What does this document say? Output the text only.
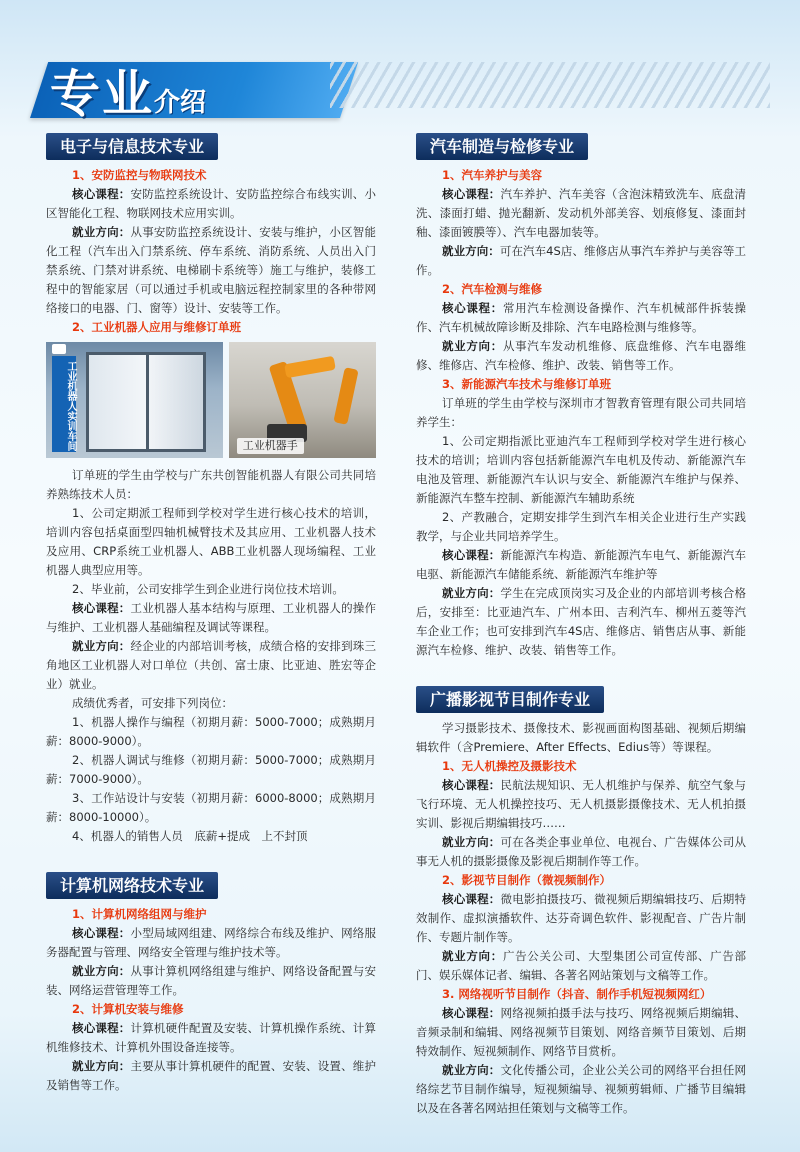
专业介绍
电子与信息技术专业
1、安防监控与物联网技术
核心课程：安防监控系统设计、安防监控综合布线实训、小区智能化工程、物联网技术应用实训。
就业方向：从事安防监控系统设计、安装与维护，小区智能化工程（汽车出入门禁系统、停车系统、消防系统、人员出入门禁系统、门禁对讲系统、电梯刷卡系统等）施工与维护，装修工程中的智能家居（可以通过手机或电脑远程控制家里的各种带网络接口的电器、门、窗等）设计、安装等工作。
2、工业机器人应用与维修订单班
工业机器人实训车间	工业机器手
订单班的学生由学校与广东共创智能机器人有限公司共同培养熟练技术人员：
1、公司定期派工程师到学校对学生进行核心技术的培训，培训内容包括桌面型四轴机械臂技术及其应用、工业机器人技术及应用、CRP系统工业机器人、ABB工业机器人现场编程、工业机器人典型应用等。
2、毕业前，公司安排学生到企业进行岗位技术培训。
核心课程：工业机器人基本结构与原理、工业机器人的操作与维护、工业机器人基础编程及调试等课程。
就业方向：经企业的内部培训考核，成绩合格的安排到珠三角地区工业机器人对口单位（共创、富士康、比亚迪、胜宏等企业）就业。
成绩优秀者，可安排下列岗位：
1、机器人操作与编程（初期月薪：5000-7000；成熟期月薪：8000-9000）。
2、机器人调试与维修（初期月薪：5000-7000；成熟期月薪：7000-9000）。
3、工作站设计与安装（初期月薪：6000-8000；成熟期月薪：8000-10000）。
4、机器人的销售人员　底薪+提成　上不封顶
计算机网络技术专业
1、计算机网络组网与维护
核心课程：小型局域网组建、网络综合布线及维护、网络服务器配置与管理、网络安全管理与维护技术等。
就业方向：从事计算机网络组建与维护、网络设备配置与安装、网络运营管理等工作。
2、计算机安装与维修
核心课程：计算机硬件配置及安装、计算机操作系统、计算机维修技术、计算机外围设备连接等。
就业方向：主要从事计算机硬件的配置、安装、设置、维护及销售等工作。
汽车制造与检修专业
1、汽车养护与美容
核心课程：汽车养护、汽车美容（含泡沫精致洗车、底盘清洗、漆面打蜡、抛光翻新、发动机外部美容、划痕修复、漆面封釉、漆面镀膜等）、汽车电器加装等。
就业方向：可在汽车4S店、维修店从事汽车养护与美容等工作。
2、汽车检测与维修
核心课程：常用汽车检测设备操作、汽车机械部件拆装操作、汽车机械故障诊断及排除、汽车电路检测与维修等。
就业方向：从事汽车发动机维修、底盘维修、汽车电器维修、维修店、汽车检修、维护、改装、销售等工作。
3、新能源汽车技术与维修订单班
订单班的学生由学校与深圳市才智教育管理有限公司共同培养学生：
1、公司定期指派比亚迪汽车工程师到学校对学生进行核心技术的培训；培训内容包括新能源汽车电机及传动、新能源汽车电池及管理、新能源汽车认识与安全、新能源汽车维护与保养、新能源汽车整车控制、新能源汽车辅助系统
2、产教融合，定期安排学生到汽车相关企业进行生产实践教学，与企业共同培养学生。
核心课程：新能源汽车构造、新能源汽车电气、新能源汽车电驱、新能源汽车储能系统、新能源汽车维护等
就业方向：学生在完成顶岗实习及企业的内部培训考核合格后，安排至：比亚迪汽车、广州本田、吉利汽车、柳州五菱等汽车企业工作；也可安排到汽车4S店、维修店、销售店从事、新能源汽车检修、维护、改装、销售等工作。
广播影视节目制作专业
学习摄影技术、摄像技术、影视画面构图基础、视频后期编辑软件（含Premiere、After Effects、Edius等）等课程。
1、无人机操控及摄影技术
核心课程：民航法规知识、无人机维护与保养、航空气象与飞行环境、无人机操控技巧、无人机摄影摄像技术、无人机拍摄实训、影视后期编辑技巧……
就业方向：可在各类企事业单位、电视台、广告媒体公司从事无人机的摄影摄像及影视后期制作等工作。
2、影视节目制作（微视频制作）
核心课程：微电影拍摄技巧、微视频后期编辑技巧、后期特效制作、虚拟演播软件、达芬奇调色软件、影视配音、广告片制作、专题片制作等。
就业方向：广告公关公司、大型集团公司宣传部、广告部门、娱乐媒体记者、编辑、各著名网站策划与文稿等工作。
3. 网络视听节目制作（抖音、制作手机短视频网红）
核心课程：网络视频拍摄手法与技巧、网络视频后期编辑、音频录制和编辑、网络视频节目策划、网络音频节目策划、后期特效制作、短视频制作、网络节目赏析。
就业方向：文化传播公司，企业公关公司的网络平台担任网络综艺节目制作编导，短视频编导、视频剪辑师、广播节目编辑以及在各著名网站担任策划与文稿等工作。
